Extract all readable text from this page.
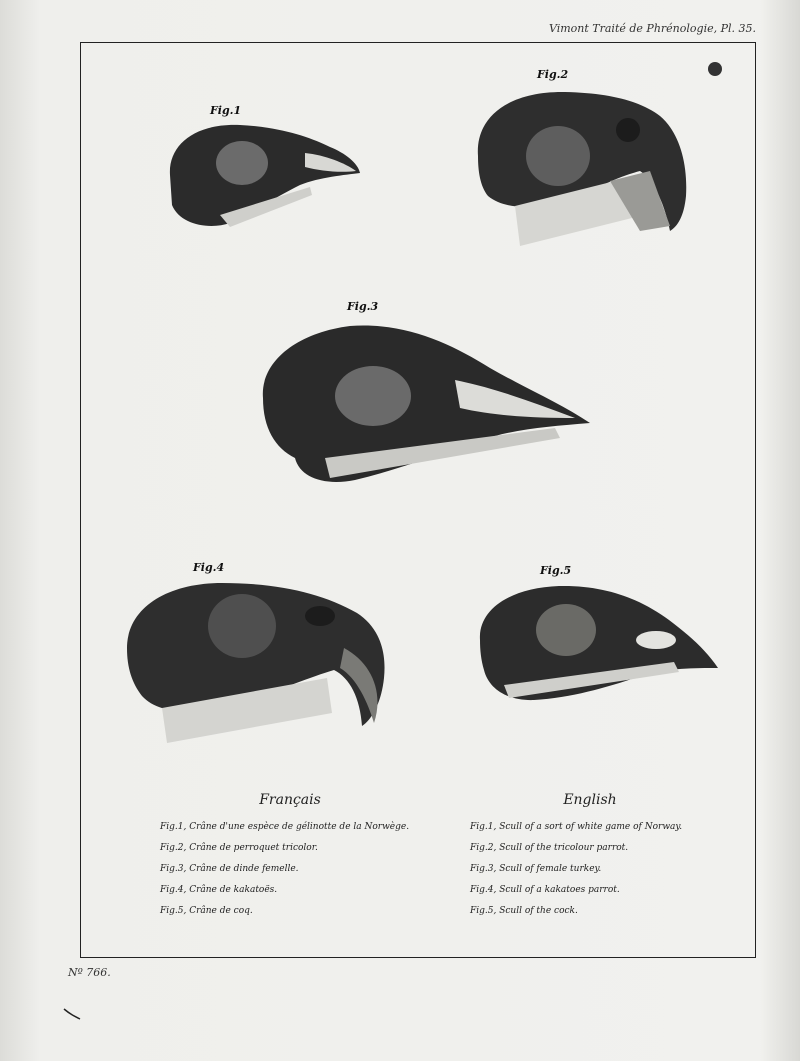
Vimont Traité de Phrénologie, Pl. 35.
Fig.1
Fig.2
Fig.3
Fig.4	Fig.5
Français
Fig.1, Crâne d'une espèce de gélinotte de la Norwège.
Fig.2, Crâne de perroquet tricolor.
Fig.3, Crâne de dinde femelle.
Fig.4, Crâne de kakatoës.
Fig.5, Crâne de coq.
English
Fig.1, Scull of a sort of white game of Norway.
Fig.2, Scull of the tricolour parrot.
Fig.3, Scull of female turkey.
Fig.4, Scull of a kakatoes parrot.
Fig.5, Scull of the cock.
Nº 766.
